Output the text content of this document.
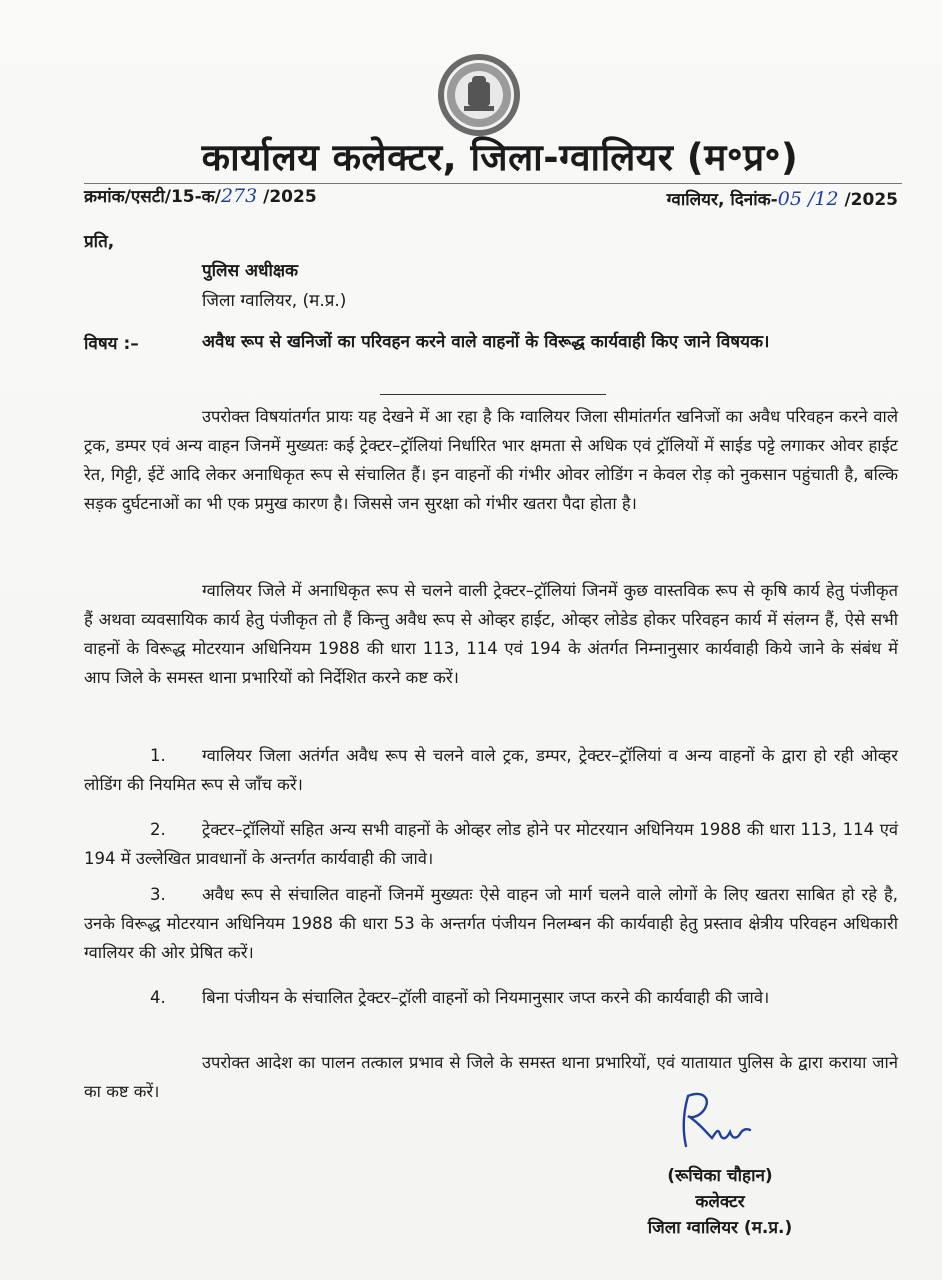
कार्यालय कलेक्टर, जिला-ग्वालियर (म॰प्र॰)
क्रमांक/एसटी/15-क/273 /2025	ग्वालियर, दिनांक-05 /12 /2025
प्रति,
पुलिस अधीक्षक
जिला ग्वालियर, (म.प्र.)
विषय :–	अवैध रूप से खनिजों का परिवहन करने वाले वाहनों के विरूद्ध कार्यवाही किए जाने विषयक।
उपरोक्त विषयांतर्गत प्रायः यह देखने में आ रहा है कि ग्वालियर जिला सीमांतर्गत खनिजों का अवैध परिवहन करने वाले ट्रक, डम्पर एवं अन्य वाहन जिनमें मुख्यतः कई ट्रेक्टर–ट्रॉलियां निर्धारित भार क्षमता से अधिक एवं ट्रॉलियों में साईड पट्टे लगाकर ओवर हाईट रेत, गिट्टी, ईटें आदि लेकर अनाधिकृत रूप से संचालित हैं। इन वाहनों की गंभीर ओवर लोडिंग न केवल रोड़ को नुकसान पहुंचाती है, बल्कि सड़क दुर्घटनाओं का भी एक प्रमुख कारण है। जिससे जन सुरक्षा को गंभीर खतरा पैदा होता है।
ग्वालियर जिले में अनाधिकृत रूप से चलने वाली ट्रेक्टर–ट्रॉलियां जिनमें कुछ वास्तविक रूप से कृषि कार्य हेतु पंजीकृत हैं अथवा व्यवसायिक कार्य हेतु पंजीकृत तो हैं किन्तु अवैध रूप से ओव्हर हाईट, ओव्हर लोडेड होकर परिवहन कार्य में संलग्न हैं, ऐसे सभी वाहनों के विरूद्ध मोटरयान अधिनियम 1988 की धारा 113, 114 एवं 194 के अंतर्गत निम्नानुसार कार्यवाही किये जाने के संबंध में आप जिले के समस्त थाना प्रभारियों को निर्देशित करने कष्ट करें।
1. ग्वालियर जिला अतंर्गत अवैध रूप से चलने वाले ट्रक, डम्पर, ट्रेक्टर–ट्रॉलियां व अन्य वाहनों के द्वारा हो रही ओव्हर लोडिंग की नियमित रूप से जाँच करें।
2. ट्रेक्टर–ट्रॉलियों सहित अन्य सभी वाहनों के ओव्हर लोड होने पर मोटरयान अधिनियम 1988 की धारा 113, 114 एवं 194 में उल्लेखित प्रावधानों के अन्तर्गत कार्यवाही की जावे।
3. अवैध रूप से संचालित वाहनों जिनमें मुख्यतः ऐसे वाहन जो मार्ग चलने वाले लोगों के लिए खतरा साबित हो रहे है, उनके विरूद्ध मोटरयान अधिनियम 1988 की धारा 53 के अन्तर्गत पंजीयन निलम्बन की कार्यवाही हेतु प्रस्ताव क्षेत्रीय परिवहन अधिकारी ग्वालियर की ओर प्रेषित करें।
4. बिना पंजीयन के संचालित ट्रेक्टर–ट्रॉली वाहनों को नियमानुसार जप्त करने की कार्यवाही की जावे।
उपरोक्त आदेश का पालन तत्काल प्रभाव से जिले के समस्त थाना प्रभारियों, एवं यातायात पुलिस के द्वारा कराया जाने का कष्ट करें।
(रूचिका चौहान)
कलेक्टर
जिला ग्वालियर (म.प्र.)
